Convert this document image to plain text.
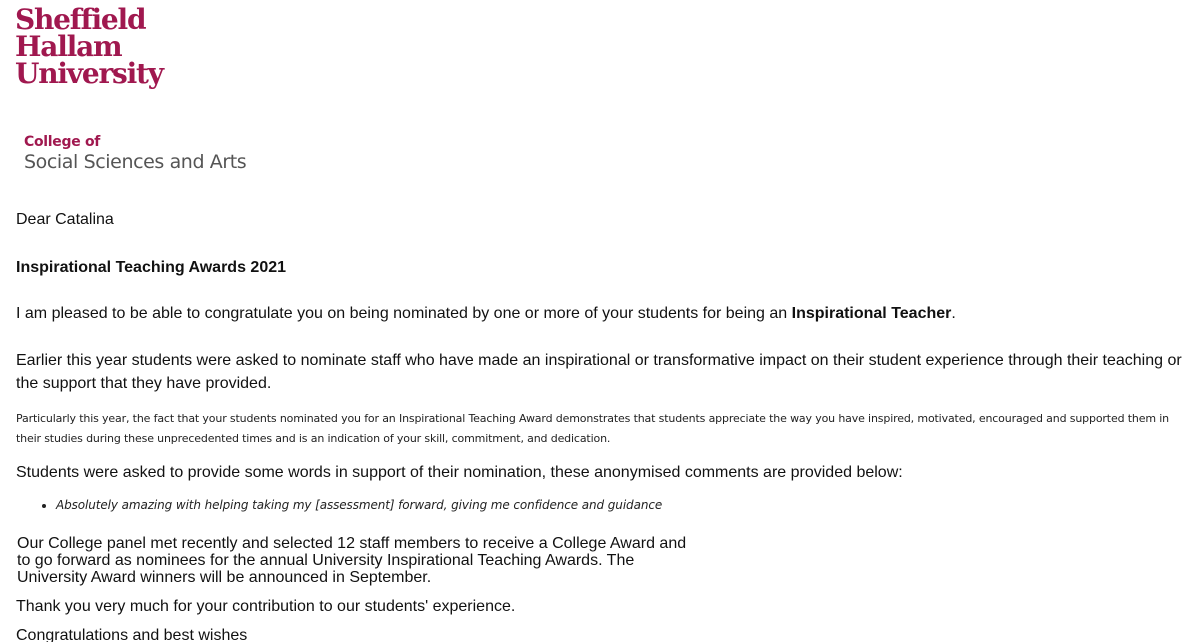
Sheffield
Hallam
University
College of
Social Sciences and Arts
Dear Catalina
Inspirational Teaching Awards 2021
I am pleased to be able to congratulate you on being nominated by one or more of your students for being an Inspirational Teacher.
Earlier this year students were asked to nominate staff who have made an inspirational or transformative impact on their student experience through their teaching or the support that they have provided.
Particularly this year, the fact that your students nominated you for an Inspirational Teaching Award demonstrates that students appreciate the way you have inspired, motivated, encouraged and supported them in their studies during these unprecedented times and is an indication of your skill, commitment, and dedication.
Students were asked to provide some words in support of their nomination, these anonymised comments are provided below:
• Absolutely amazing with helping taking my [assessment] forward, giving me confidence and guidance
Our College panel met recently and selected 12 staff members to receive a College Award and to go forward as nominees for the annual University Inspirational Teaching Awards. The University Award winners will be announced in September.
Thank you very much for your contribution to our students' experience.
Congratulations and best wishes
